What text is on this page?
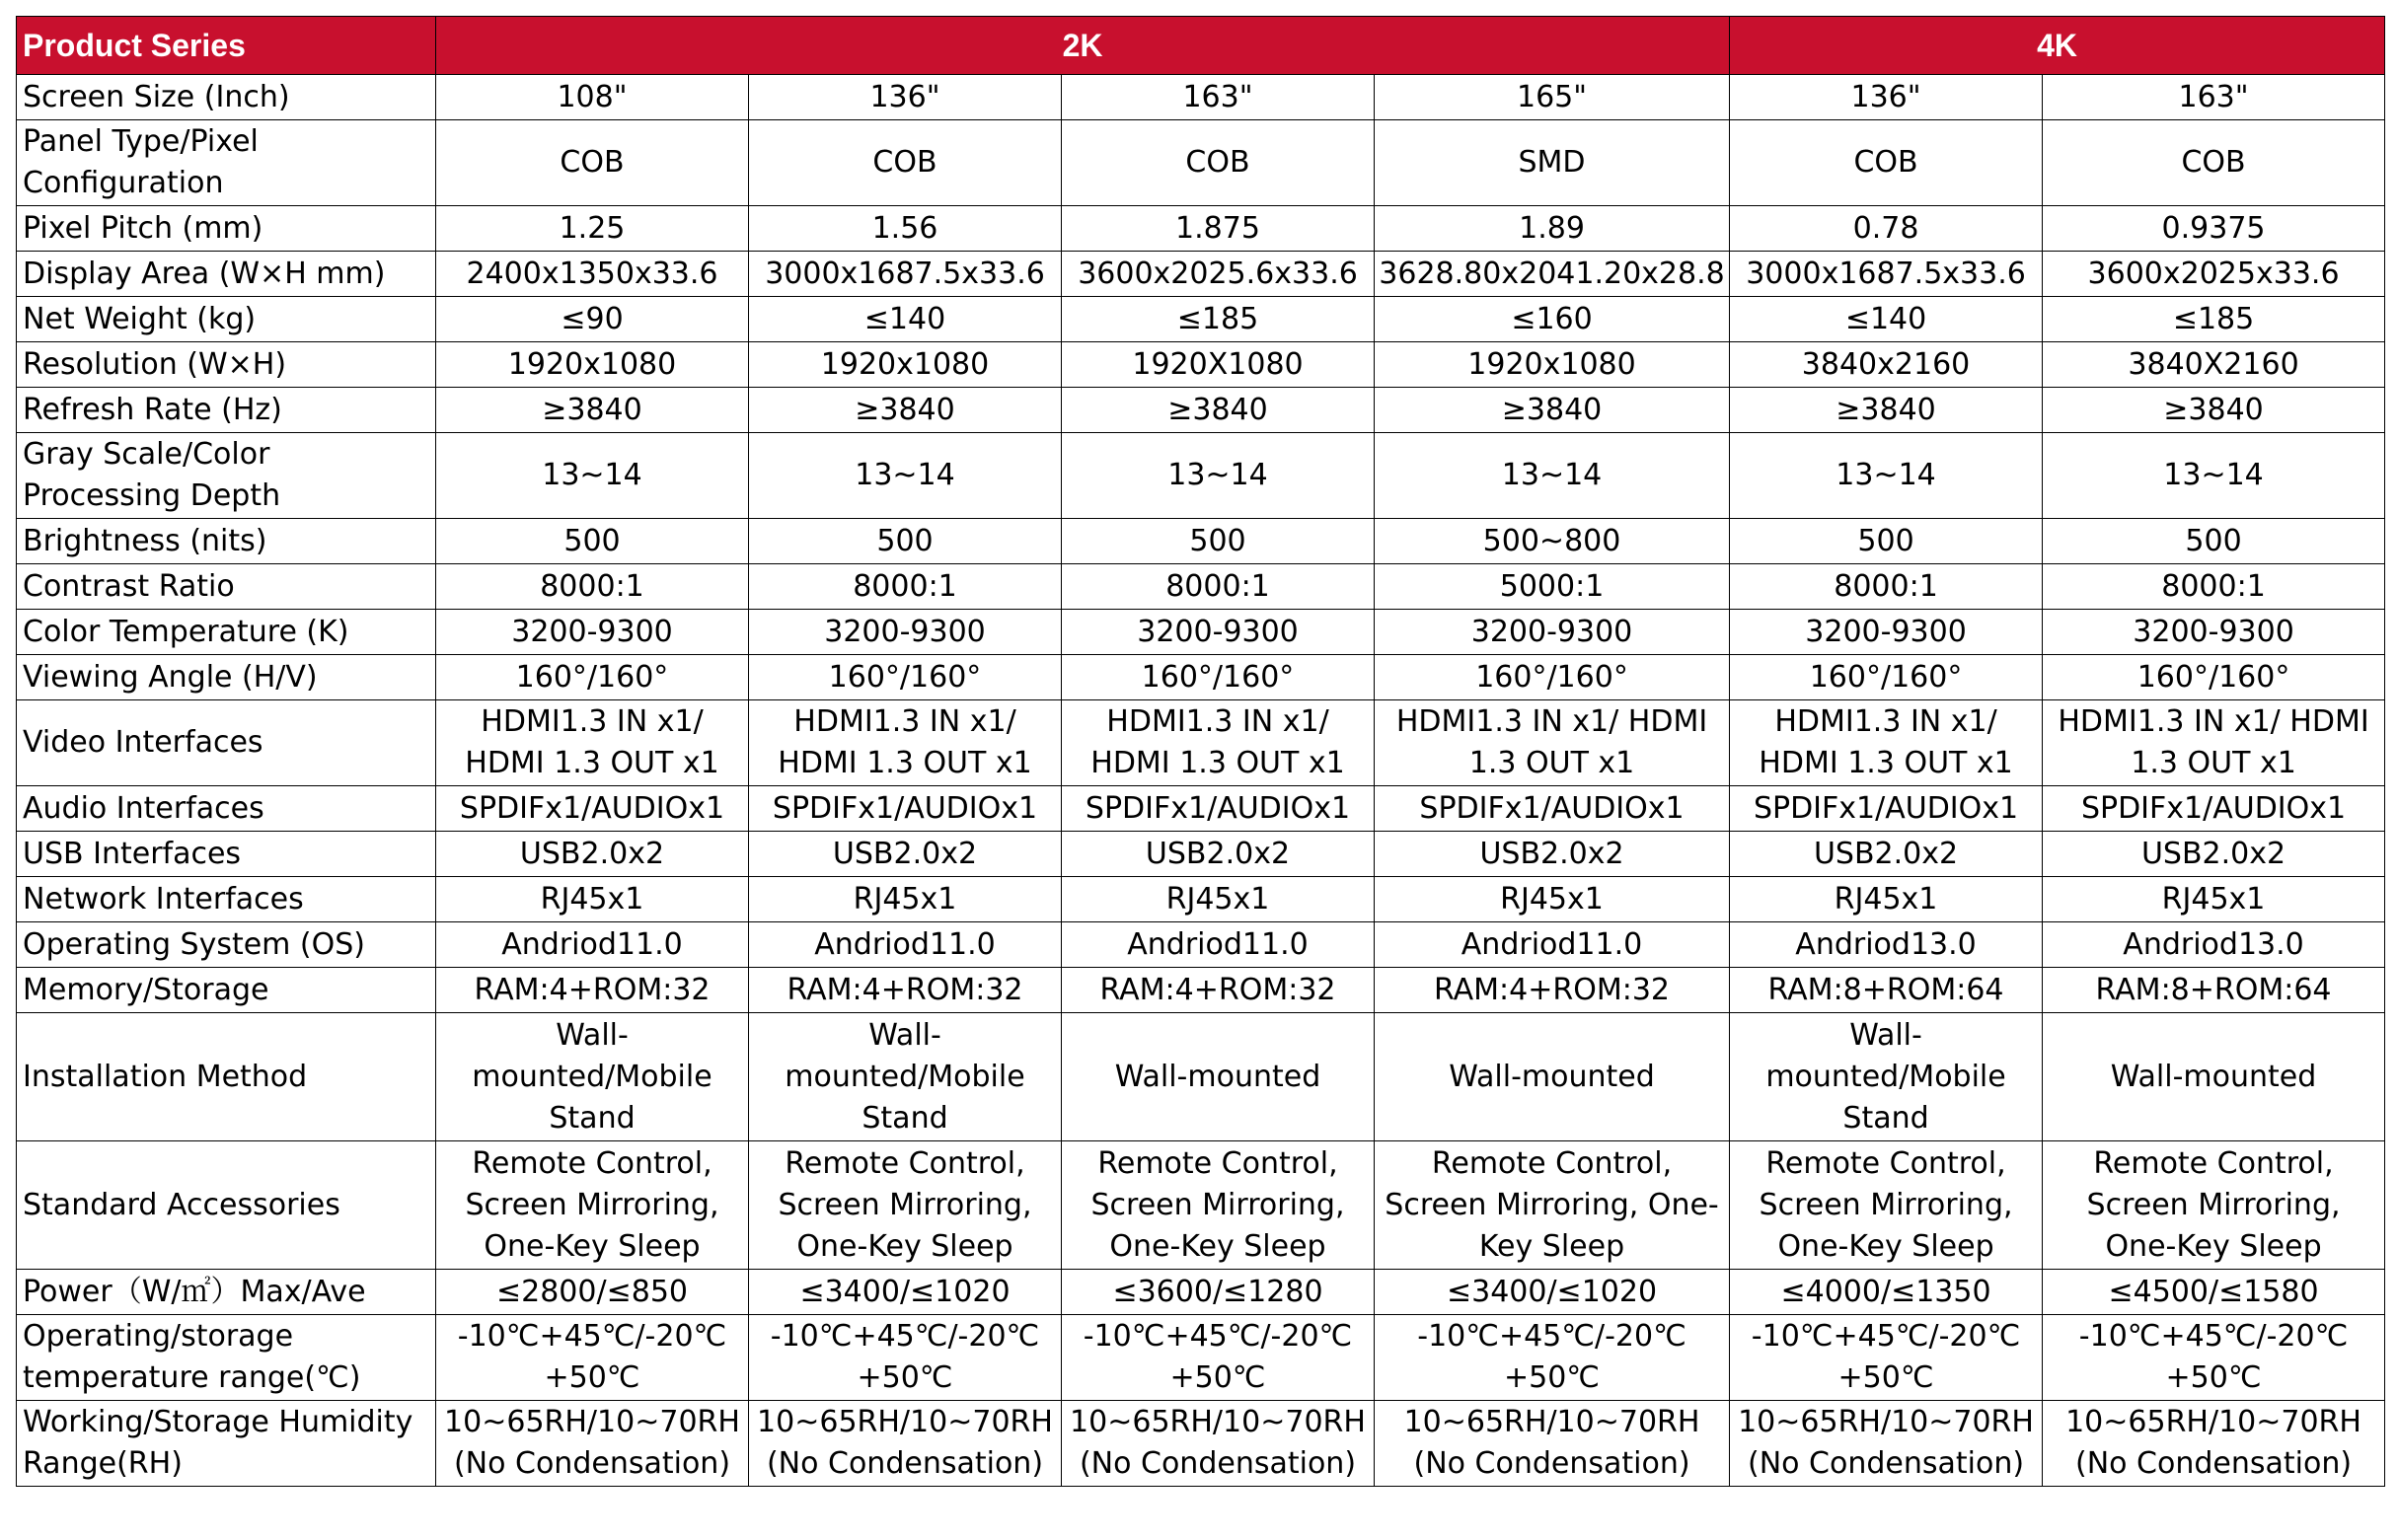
Product Series	2K				4K	
Screen Size (Inch)	108"	136"	163"	165"	136"	163"
Panel Type/Pixel Configuration	COB	COB	COB	SMD	COB	COB
Pixel Pitch (mm)	1.25	1.56	1.875	1.89	0.78	0.9375
Display Area (W×H mm)	2400x1350x33.6	3000x1687.5x33.6	3600x2025.6x33.6	3628.80x2041.20x28.8	3000x1687.5x33.6	3600x2025x33.6
Net Weight (kg)	≤90	≤140	≤185	≤160	≤140	≤185
Resolution (W×H)	1920x1080	1920x1080	1920X1080	1920x1080	3840x2160	3840X2160
Refresh Rate (Hz)	≥3840	≥3840	≥3840	≥3840	≥3840	≥3840
Gray Scale/Color Processing Depth	13~14	13~14	13~14	13~14	13~14	13~14
Brightness (nits)	500	500	500	500~800	500	500
Contrast Ratio	8000:1	8000:1	8000:1	5000:1	8000:1	8000:1
Color Temperature (K)	3200-9300	3200-9300	3200-9300	3200-9300	3200-9300	3200-9300
Viewing Angle (H/V)	160°/160°	160°/160°	160°/160°	160°/160°	160°/160°	160°/160°
Video Interfaces	HDMI1.3 IN x1/ HDMI 1.3 OUT x1	HDMI1.3 IN x1/ HDMI 1.3 OUT x1	HDMI1.3 IN x1/ HDMI 1.3 OUT x1	HDMI1.3 IN x1/ HDMI 1.3 OUT x1	HDMI1.3 IN x1/ HDMI 1.3 OUT x1	HDMI1.3 IN x1/ HDMI 1.3 OUT x1
Audio Interfaces	SPDIFx1/AUDIOx1	SPDIFx1/AUDIOx1	SPDIFx1/AUDIOx1	SPDIFx1/AUDIOx1	SPDIFx1/AUDIOx1	SPDIFx1/AUDIOx1
USB Interfaces	USB2.0x2	USB2.0x2	USB2.0x2	USB2.0x2	USB2.0x2	USB2.0x2
Network Interfaces	RJ45x1	RJ45x1	RJ45x1	RJ45x1	RJ45x1	RJ45x1
Operating System (OS)	Andriod11.0	Andriod11.0	Andriod11.0	Andriod11.0	Andriod13.0	Andriod13.0
Memory/Storage	RAM:4+ROM:32	RAM:4+ROM:32	RAM:4+ROM:32	RAM:4+ROM:32	RAM:8+ROM:64	RAM:8+ROM:64
Installation Method	Wall-mounted/Mobile Stand	Wall-mounted/Mobile Stand	Wall-mounted	Wall-mounted	Wall-mounted/Mobile Stand	Wall-mounted
Standard Accessories	Remote Control, Screen Mirroring, One-Key Sleep	Remote Control, Screen Mirroring, One-Key Sleep	Remote Control, Screen Mirroring, One-Key Sleep	Remote Control, Screen Mirroring, One-Key Sleep	Remote Control, Screen Mirroring, One-Key Sleep	Remote Control, Screen Mirroring, One-Key Sleep
Power（W/㎡）Max/Ave	≤2800/≤850	≤3400/≤1020	≤3600/≤1280	≤3400/≤1020	≤4000/≤1350	≤4500/≤1580
Operating/storage temperature range(℃)	-10℃+45℃/-20℃ +50℃	-10℃+45℃/-20℃ +50℃	-10℃+45℃/-20℃ +50℃	-10℃+45℃/-20℃+50℃	-10℃+45℃/-20℃ +50℃	-10℃+45℃/-20℃ +50℃
Working/Storage Humidity Range(RH)	10~65RH/10~70RH (No Condensation)	10~65RH/10~70RH (No Condensation)	10~65RH/10~70RH (No Condensation)	10~65RH/10~70RH (No Condensation)	10~65RH/10~70RH (No Condensation)	10~65RH/10~70RH (No Condensation)
